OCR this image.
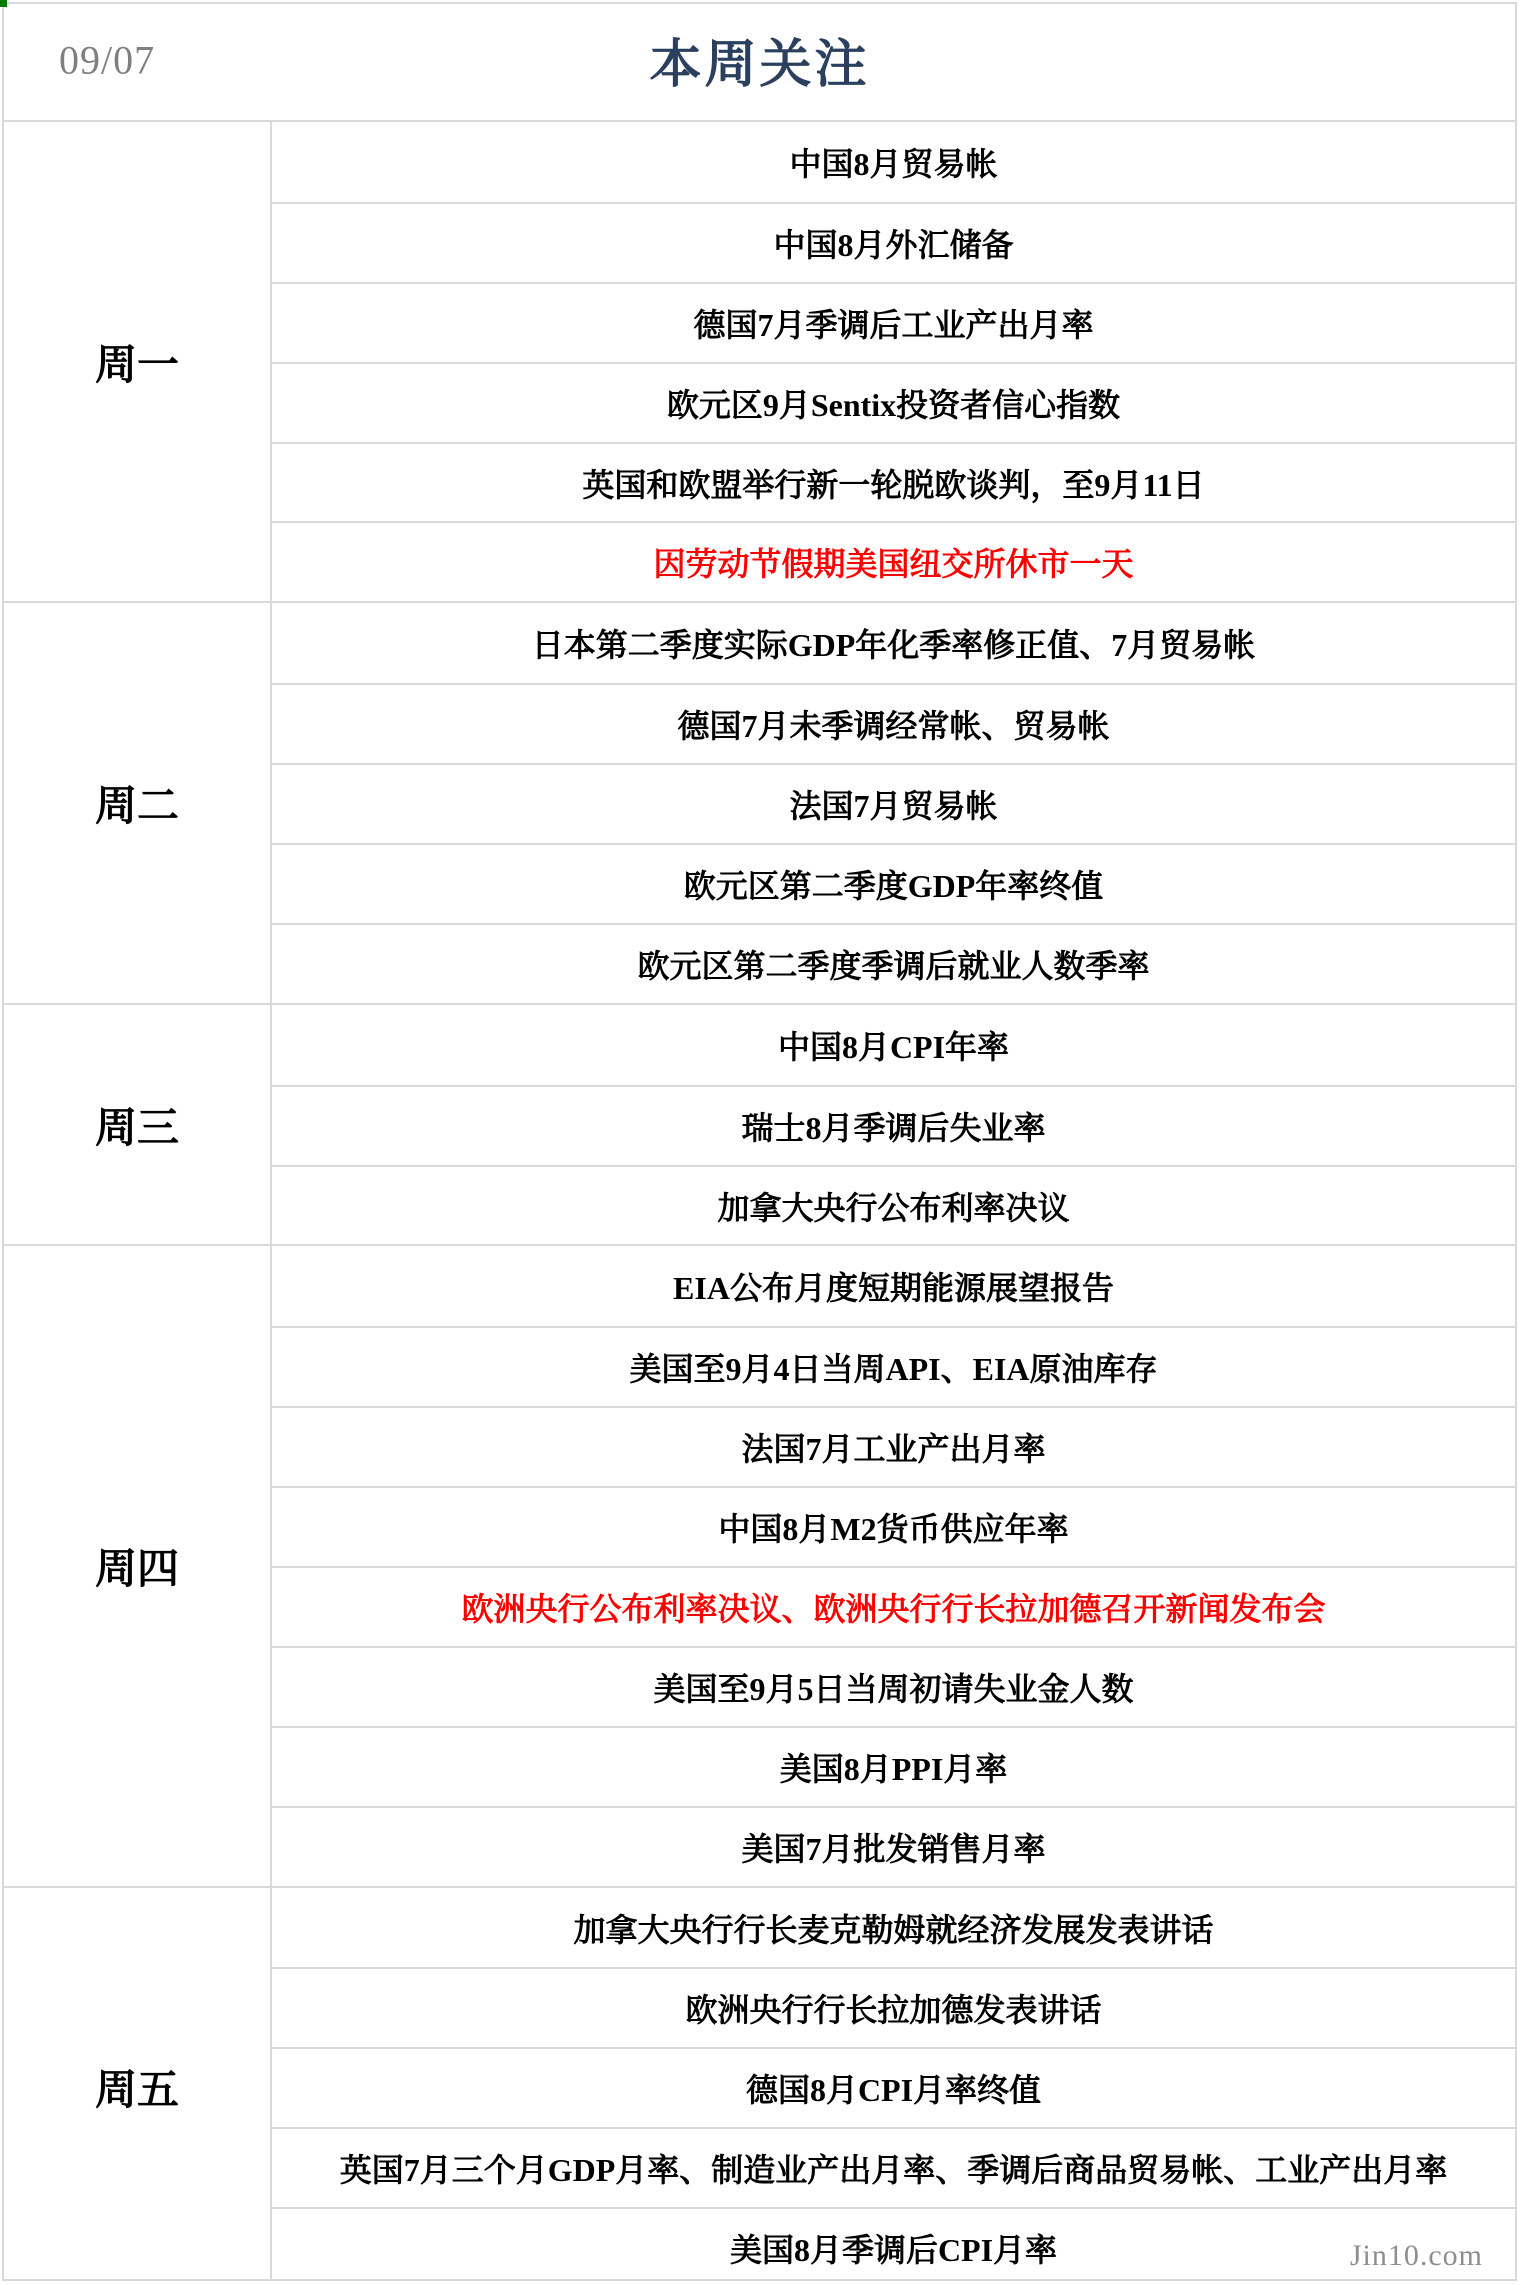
09/07	本周关注
周一
中国8月贸易帐
中国8月外汇储备
德国7月季调后工业产出月率
欧元区9月Sentix投资者信心指数
英国和欧盟举行新一轮脱欧谈判，至9月11日
因劳动节假期美国纽交所休市一天
周二
日本第二季度实际GDP年化季率修正值、7月贸易帐
德国7月未季调经常帐、贸易帐
法国7月贸易帐
欧元区第二季度GDP年率终值
欧元区第二季度季调后就业人数季率
周三
中国8月CPI年率
瑞士8月季调后失业率
加拿大央行公布利率决议
周四
EIA公布月度短期能源展望报告
美国至9月4日当周API、EIA原油库存
法国7月工业产出月率
中国8月M2货币供应年率
欧洲央行公布利率决议、欧洲央行行长拉加德召开新闻发布会
美国至9月5日当周初请失业金人数
美国8月PPI月率
美国7月批发销售月率
周五
加拿大央行行长麦克勒姆就经济发展发表讲话
欧洲央行行长拉加德发表讲话
德国8月CPI月率终值
英国7月三个月GDP月率、制造业产出月率、季调后商品贸易帐、工业产出月率
美国8月季调后CPI月率	Jin10.com
